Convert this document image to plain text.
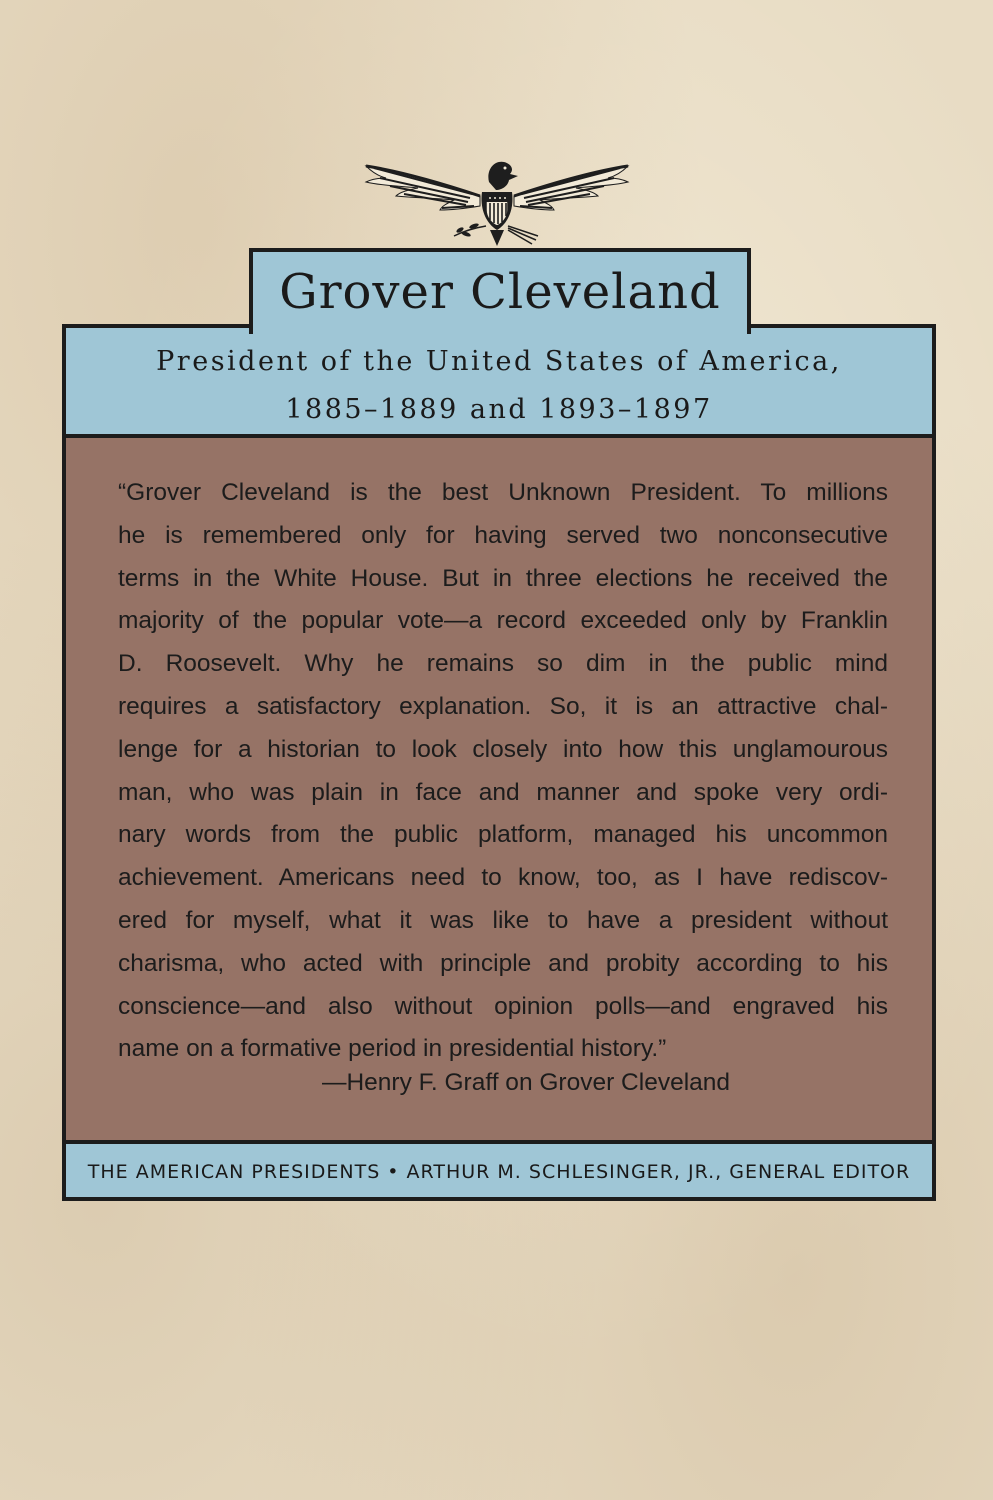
Grover Cleveland
President of the United States of America,
1885–1889 and 1893–1897
“Grover Cleveland is the best Unknown President. To millions
he is remembered only for having served two nonconsecutive
terms in the White House. But in three elections he received the
majority of the popular vote—a record exceeded only by Franklin
D. Roosevelt. Why he remains so dim in the public mind
requires a satisfactory explanation. So, it is an attractive chal-
lenge for a historian to look closely into how this unglamourous
man, who was plain in face and manner and spoke very ordi-
nary words from the public platform, managed his uncommon
achievement. Americans need to know, too, as I have rediscov-
ered for myself, what it was like to have a president without
charisma, who acted with principle and probity according to his
conscience—and also without opinion polls—and engraved his
name on a formative period in presidential history.”
—Henry F. Graff on Grover Cleveland
THE AMERICAN PRESIDENTS • ARTHUR M. SCHLESINGER, JR., GENERAL EDITOR
